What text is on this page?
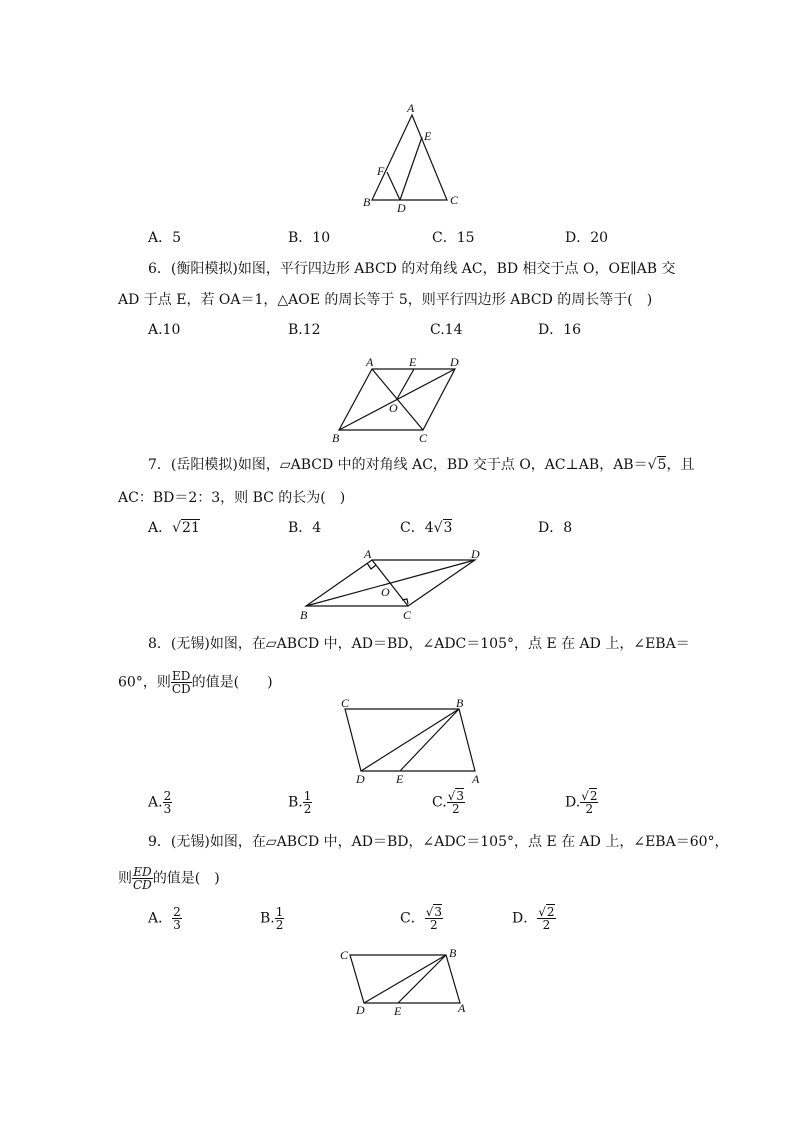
A
E
F
B D
C
A．5	B．10	C．15	D．20
6．(衡阳模拟)如图，平行四边形 ABCD 的对角线 AC，BD 相交于点 O，OE∥AB 交
AD 于点 E，若 OA＝1，△AOE 的周长等于 5，则平行四边形 ABCD 的周长等于(　)
A.10	B.12	C.14	D．16
A	E	D
O
B	C
7．(岳阳模拟)如图，▱ABCD 中的对角线 AC，BD 交于点 O，AC⊥AB，AB＝√5，且
AC：BD＝2：3，则 BC 的长为(　)
A．√21	B．4	C．4√3	D．8
A	D
O
B	C
8．(无锡)如图，在▱ABCD 中，AD＝BD，∠ADC＝105°，点 E 在 AD 上，∠EBA＝
60°，则 $\frac{ED}{CD}$ 的值是(　　)
C	B
D	E	A
A. $\frac{2}{3}$	B. $\frac{1}{2}$	C. $\frac{√3}{2}$	D. $\frac{√2}{2}$
9．(无锡)如图，在▱ABCD 中，AD＝BD，∠ADC＝105°，点 E 在 AD 上，∠EBA＝60°，
则 $\frac{ED}{CD}$ 的值是(　)
A． $\frac{2}{3}$	B. $\frac{1}{2}$	C． $\frac{√3}{2}$	D． $\frac{√2}{2}$
C	B
D E	A
